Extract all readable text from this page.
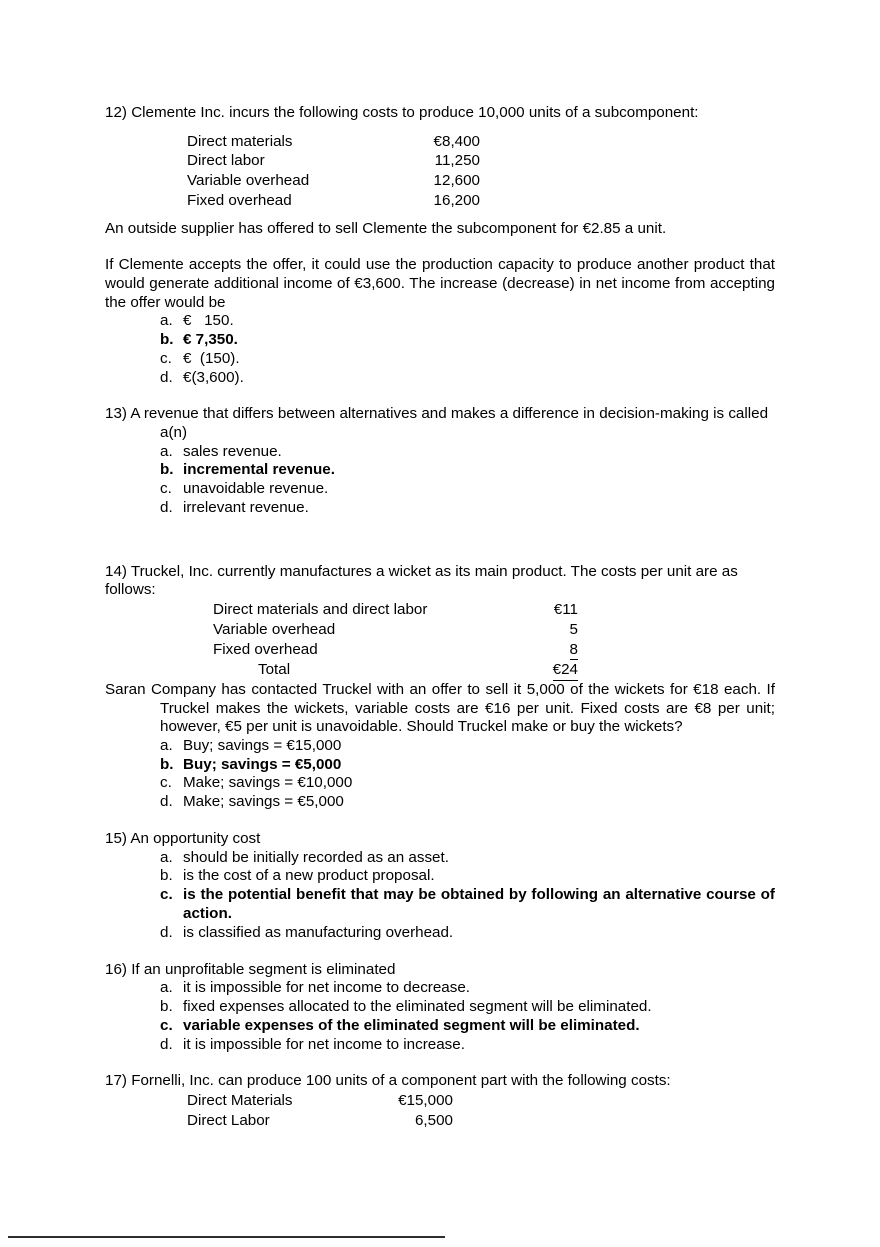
12) Clemente Inc. incurs the following costs to produce 10,000 units of a subcomponent:

Direct materials	€8,400
Direct labor	11,250
Variable overhead	12,600
Fixed overhead	16,200

An outside supplier has offered to sell Clemente the subcomponent for €2.85 a unit.

If Clemente accepts the offer, it could use the production capacity to produce another product that would generate additional income of €3,600. The increase (decrease) in net income from accepting the offer would be

a. €   150.
b. € 7,350.
c. €  (150).
d. €(3,600).

13) A revenue that differs between alternatives and makes a difference in decision-making is called a(n)

a. sales revenue.
b. incremental revenue.
c. unavoidable revenue.
d. irrelevant revenue.

14) Truckel, Inc. currently manufactures a wicket as its main product. The costs per unit are as follows:

Direct materials and direct labor	€11
Variable overhead	5
Fixed overhead	8
Total	€24

Saran Company has contacted Truckel with an offer to sell it 5,000 of the wickets for €18 each. If Truckel makes the wickets, variable costs are €16 per unit. Fixed costs are €8 per unit; however, €5 per unit is unavoidable. Should Truckel make or buy the wickets?

a. Buy; savings = €15,000
b. Buy; savings = €5,000
c. Make; savings = €10,000
d. Make; savings = €5,000

15) An opportunity cost

a. should be initially recorded as an asset.
b. is the cost of a new product proposal.
c. is the potential benefit that may be obtained by following an alternative course of action.
d. is classified as manufacturing overhead.

16) If an unprofitable segment is eliminated

a. it is impossible for net income to decrease.
b. fixed expenses allocated to the eliminated segment will be eliminated.
c. variable expenses of the eliminated segment will be eliminated.
d. it is impossible for net income to increase.

17) Fornelli, Inc. can produce 100 units of a component part with the following costs:

Direct Materials	€15,000
Direct Labor	6,500
